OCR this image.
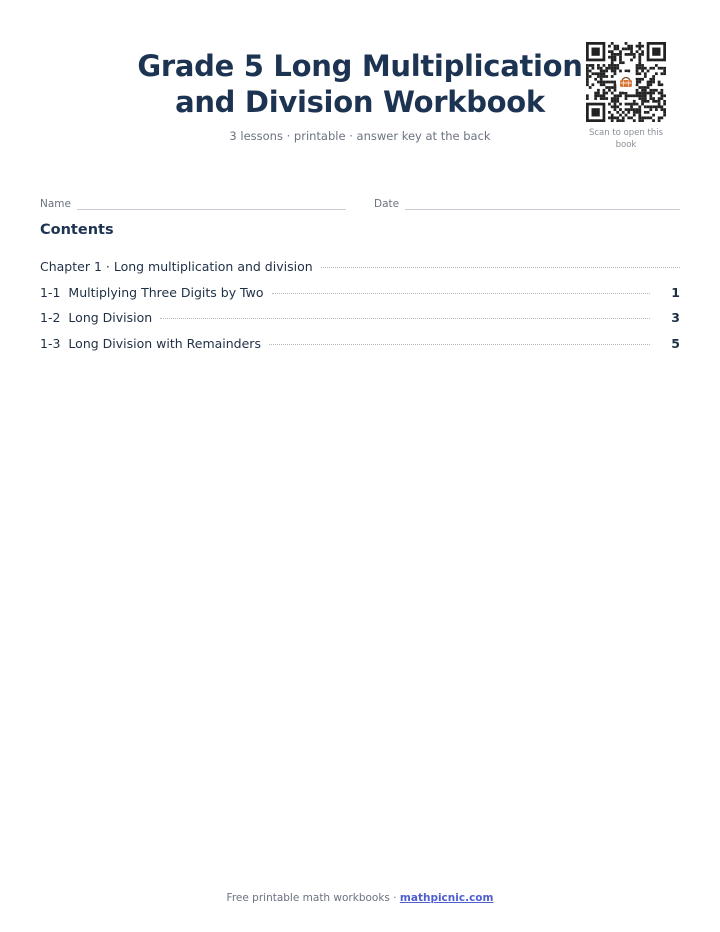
Grade 5 Long Multiplication
and Division Workbook
3 lessons · printable · answer key at the back	Scan to open this book
Name	Date
Contents
Chapter 1 · Long multiplication and division
1-1 Multiplying Three Digits by Two	1
1-2 Long Division	3
1-3 Long Division with Remainders	5
Free printable math workbooks · mathpicnic.com
